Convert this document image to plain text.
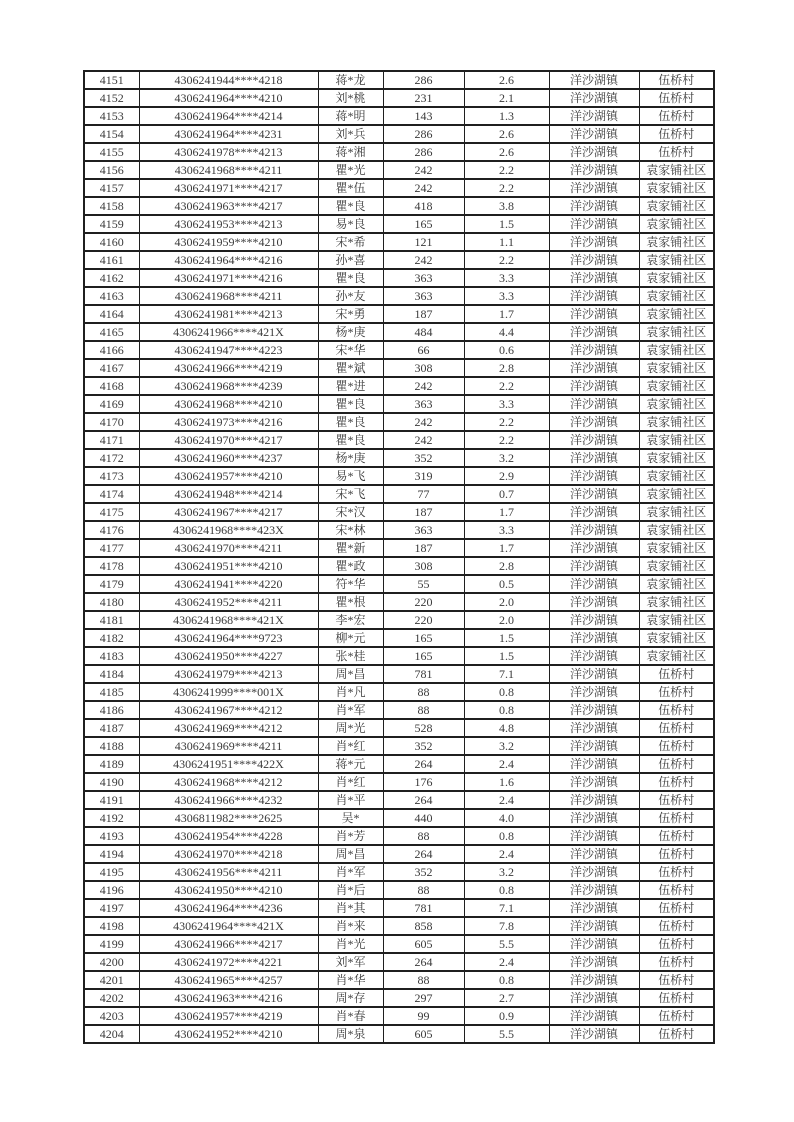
4151	4306241944****4218	蒋*龙	286	2.6	洋沙湖镇	伍桥村
4152	4306241964****4210	刘*桃	231	2.1	洋沙湖镇	伍桥村
4153	4306241964****4214	蒋*明	143	1.3	洋沙湖镇	伍桥村
4154	4306241964****4231	刘*兵	286	2.6	洋沙湖镇	伍桥村
4155	4306241978****4213	蒋*湘	286	2.6	洋沙湖镇	伍桥村
4156	4306241968****4211	瞿*光	242	2.2	洋沙湖镇	袁家铺社区
4157	4306241971****4217	瞿*伍	242	2.2	洋沙湖镇	袁家铺社区
4158	4306241963****4217	瞿*良	418	3.8	洋沙湖镇	袁家铺社区
4159	4306241953****4213	易*良	165	1.5	洋沙湖镇	袁家铺社区
4160	4306241959****4210	宋*希	121	1.1	洋沙湖镇	袁家铺社区
4161	4306241964****4216	孙*喜	242	2.2	洋沙湖镇	袁家铺社区
4162	4306241971****4216	瞿*良	363	3.3	洋沙湖镇	袁家铺社区
4163	4306241968****4211	孙*友	363	3.3	洋沙湖镇	袁家铺社区
4164	4306241981****4213	宋*勇	187	1.7	洋沙湖镇	袁家铺社区
4165	4306241966****421X	杨*庚	484	4.4	洋沙湖镇	袁家铺社区
4166	4306241947****4223	宋*华	66	0.6	洋沙湖镇	袁家铺社区
4167	4306241966****4219	瞿*斌	308	2.8	洋沙湖镇	袁家铺社区
4168	4306241968****4239	瞿*进	242	2.2	洋沙湖镇	袁家铺社区
4169	4306241968****4210	瞿*良	363	3.3	洋沙湖镇	袁家铺社区
4170	4306241973****4216	瞿*良	242	2.2	洋沙湖镇	袁家铺社区
4171	4306241970****4217	瞿*良	242	2.2	洋沙湖镇	袁家铺社区
4172	4306241960****4237	杨*庚	352	3.2	洋沙湖镇	袁家铺社区
4173	4306241957****4210	易*飞	319	2.9	洋沙湖镇	袁家铺社区
4174	4306241948****4214	宋*飞	77	0.7	洋沙湖镇	袁家铺社区
4175	4306241967****4217	宋*汉	187	1.7	洋沙湖镇	袁家铺社区
4176	4306241968****423X	宋*林	363	3.3	洋沙湖镇	袁家铺社区
4177	4306241970****4211	瞿*新	187	1.7	洋沙湖镇	袁家铺社区
4178	4306241951****4210	瞿*政	308	2.8	洋沙湖镇	袁家铺社区
4179	4306241941****4220	符*华	55	0.5	洋沙湖镇	袁家铺社区
4180	4306241952****4211	瞿*根	220	2.0	洋沙湖镇	袁家铺社区
4181	4306241968****421X	李*宏	220	2.0	洋沙湖镇	袁家铺社区
4182	4306241964****9723	柳*元	165	1.5	洋沙湖镇	袁家铺社区
4183	4306241950****4227	张*桂	165	1.5	洋沙湖镇	袁家铺社区
4184	4306241979****4213	周*昌	781	7.1	洋沙湖镇	伍桥村
4185	4306241999****001X	肖*凡	88	0.8	洋沙湖镇	伍桥村
4186	4306241967****4212	肖*军	88	0.8	洋沙湖镇	伍桥村
4187	4306241969****4212	周*光	528	4.8	洋沙湖镇	伍桥村
4188	4306241969****4211	肖*红	352	3.2	洋沙湖镇	伍桥村
4189	4306241951****422X	蒋*元	264	2.4	洋沙湖镇	伍桥村
4190	4306241968****4212	肖*红	176	1.6	洋沙湖镇	伍桥村
4191	4306241966****4232	肖*平	264	2.4	洋沙湖镇	伍桥村
4192	4306811982****2625	吴*	440	4.0	洋沙湖镇	伍桥村
4193	4306241954****4228	肖*芳	88	0.8	洋沙湖镇	伍桥村
4194	4306241970****4218	周*昌	264	2.4	洋沙湖镇	伍桥村
4195	4306241956****4211	肖*军	352	3.2	洋沙湖镇	伍桥村
4196	4306241950****4210	肖*后	88	0.8	洋沙湖镇	伍桥村
4197	4306241964****4236	肖*其	781	7.1	洋沙湖镇	伍桥村
4198	4306241964****421X	肖*来	858	7.8	洋沙湖镇	伍桥村
4199	4306241966****4217	肖*光	605	5.5	洋沙湖镇	伍桥村
4200	4306241972****4221	刘*军	264	2.4	洋沙湖镇	伍桥村
4201	4306241965****4257	肖*华	88	0.8	洋沙湖镇	伍桥村
4202	4306241963****4216	周*存	297	2.7	洋沙湖镇	伍桥村
4203	4306241957****4219	肖*春	99	0.9	洋沙湖镇	伍桥村
4204	4306241952****4210	周*泉	605	5.5	洋沙湖镇	伍桥村
